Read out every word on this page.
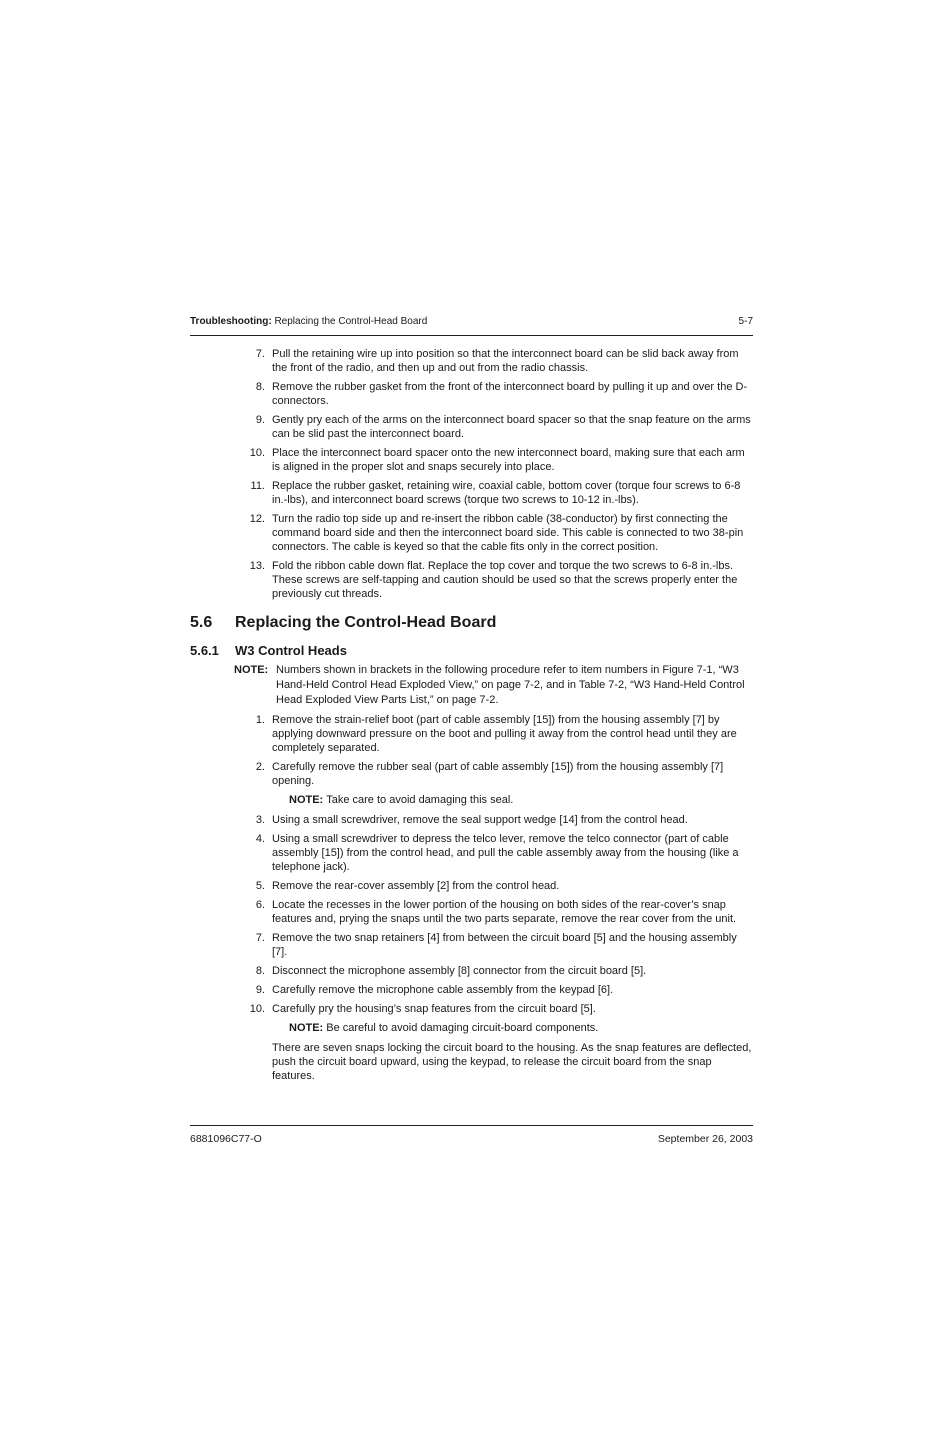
Troubleshooting: Replacing the Control-Head Board	5-7
7. Pull the retaining wire up into position so that the interconnect board can be slid back away from the front of the radio, and then up and out from the radio chassis.
8. Remove the rubber gasket from the front of the interconnect board by pulling it up and over the D-connectors.
9. Gently pry each of the arms on the interconnect board spacer so that the snap feature on the arms can be slid past the interconnect board.
10. Place the interconnect board spacer onto the new interconnect board, making sure that each arm is aligned in the proper slot and snaps securely into place.
11. Replace the rubber gasket, retaining wire, coaxial cable, bottom cover (torque four screws to 6-8 in.-lbs), and interconnect board screws (torque two screws to 10-12 in.-lbs).
12. Turn the radio top side up and re-insert the ribbon cable (38-conductor) by first connecting the command board side and then the interconnect board side. This cable is connected to two 38-pin connectors. The cable is keyed so that the cable fits only in the correct position.
13. Fold the ribbon cable down flat. Replace the top cover and torque the two screws to 6-8 in.-lbs. These screws are self-tapping and caution should be used so that the screws properly enter the previously cut threads.
5.6 Replacing the Control-Head Board
5.6.1 W3 Control Heads
NOTE: Numbers shown in brackets in the following procedure refer to item numbers in Figure 7-1, “W3 Hand-Held Control Head Exploded View,” on page 7-2, and in Table 7-2, “W3 Hand-Held Control Head Exploded View Parts List,” on page 7-2.
1. Remove the strain-relief boot (part of cable assembly [15]) from the housing assembly [7] by applying downward pressure on the boot and pulling it away from the control head until they are completely separated.
2. Carefully remove the rubber seal (part of cable assembly [15]) from the housing assembly [7] opening.
NOTE: Take care to avoid damaging this seal.
3. Using a small screwdriver, remove the seal support wedge [14] from the control head.
4. Using a small screwdriver to depress the telco lever, remove the telco connector (part of cable assembly [15]) from the control head, and pull the cable assembly away from the housing (like a telephone jack).
5. Remove the rear-cover assembly [2] from the control head.
6. Locate the recesses in the lower portion of the housing on both sides of the rear-cover’s snap features and, prying the snaps until the two parts separate, remove the rear cover from the unit.
7. Remove the two snap retainers [4] from between the circuit board [5] and the housing assembly [7].
8. Disconnect the microphone assembly [8] connector from the circuit board [5].
9. Carefully remove the microphone cable assembly from the keypad [6].
10. Carefully pry the housing’s snap features from the circuit board [5].
NOTE: Be careful to avoid damaging circuit-board components.

There are seven snaps locking the circuit board to the housing. As the snap features are deflected, push the circuit board upward, using the keypad, to release the circuit board from the snap features.

6881096C77-O	September 26, 2003
